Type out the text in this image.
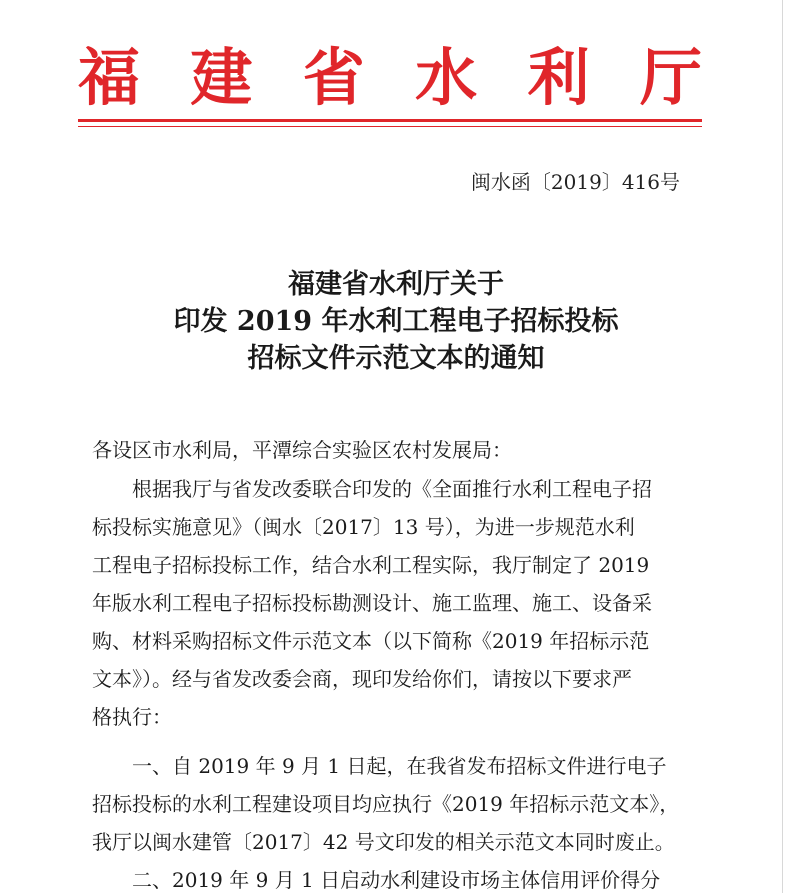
福 建 省 水 利 厅
闽水函〔2019〕416号
福建省水利厅关于
印发 2019 年水利工程电子招标投标
招标文件示范文本的通知
各设区市水利局，平潭综合实验区农村发展局：
根据我厅与省发改委联合印发的《全面推行水利工程电子招
标投标实施意见》（闽水〔2017〕13 号），为进一步规范水利
工程电子招标投标工作，结合水利工程实际，我厅制定了 2019
年版水利工程电子招标投标勘测设计、施工监理、施工、设备采
购、材料采购招标文件示范文本（以下简称《2019 年招标示范
文本》）。经与省发改委会商，现印发给你们，请按以下要求严
格执行：
一、自 2019 年 9 月 1 日起，在我省发布招标文件进行电子
招标投标的水利工程建设项目均应执行《2019 年招标示范文本》，
我厅以闽水建管〔2017〕42 号文印发的相关示范文本同时废止。
二、2019 年 9 月 1 日启动水利建设市场主体信用评价得分
